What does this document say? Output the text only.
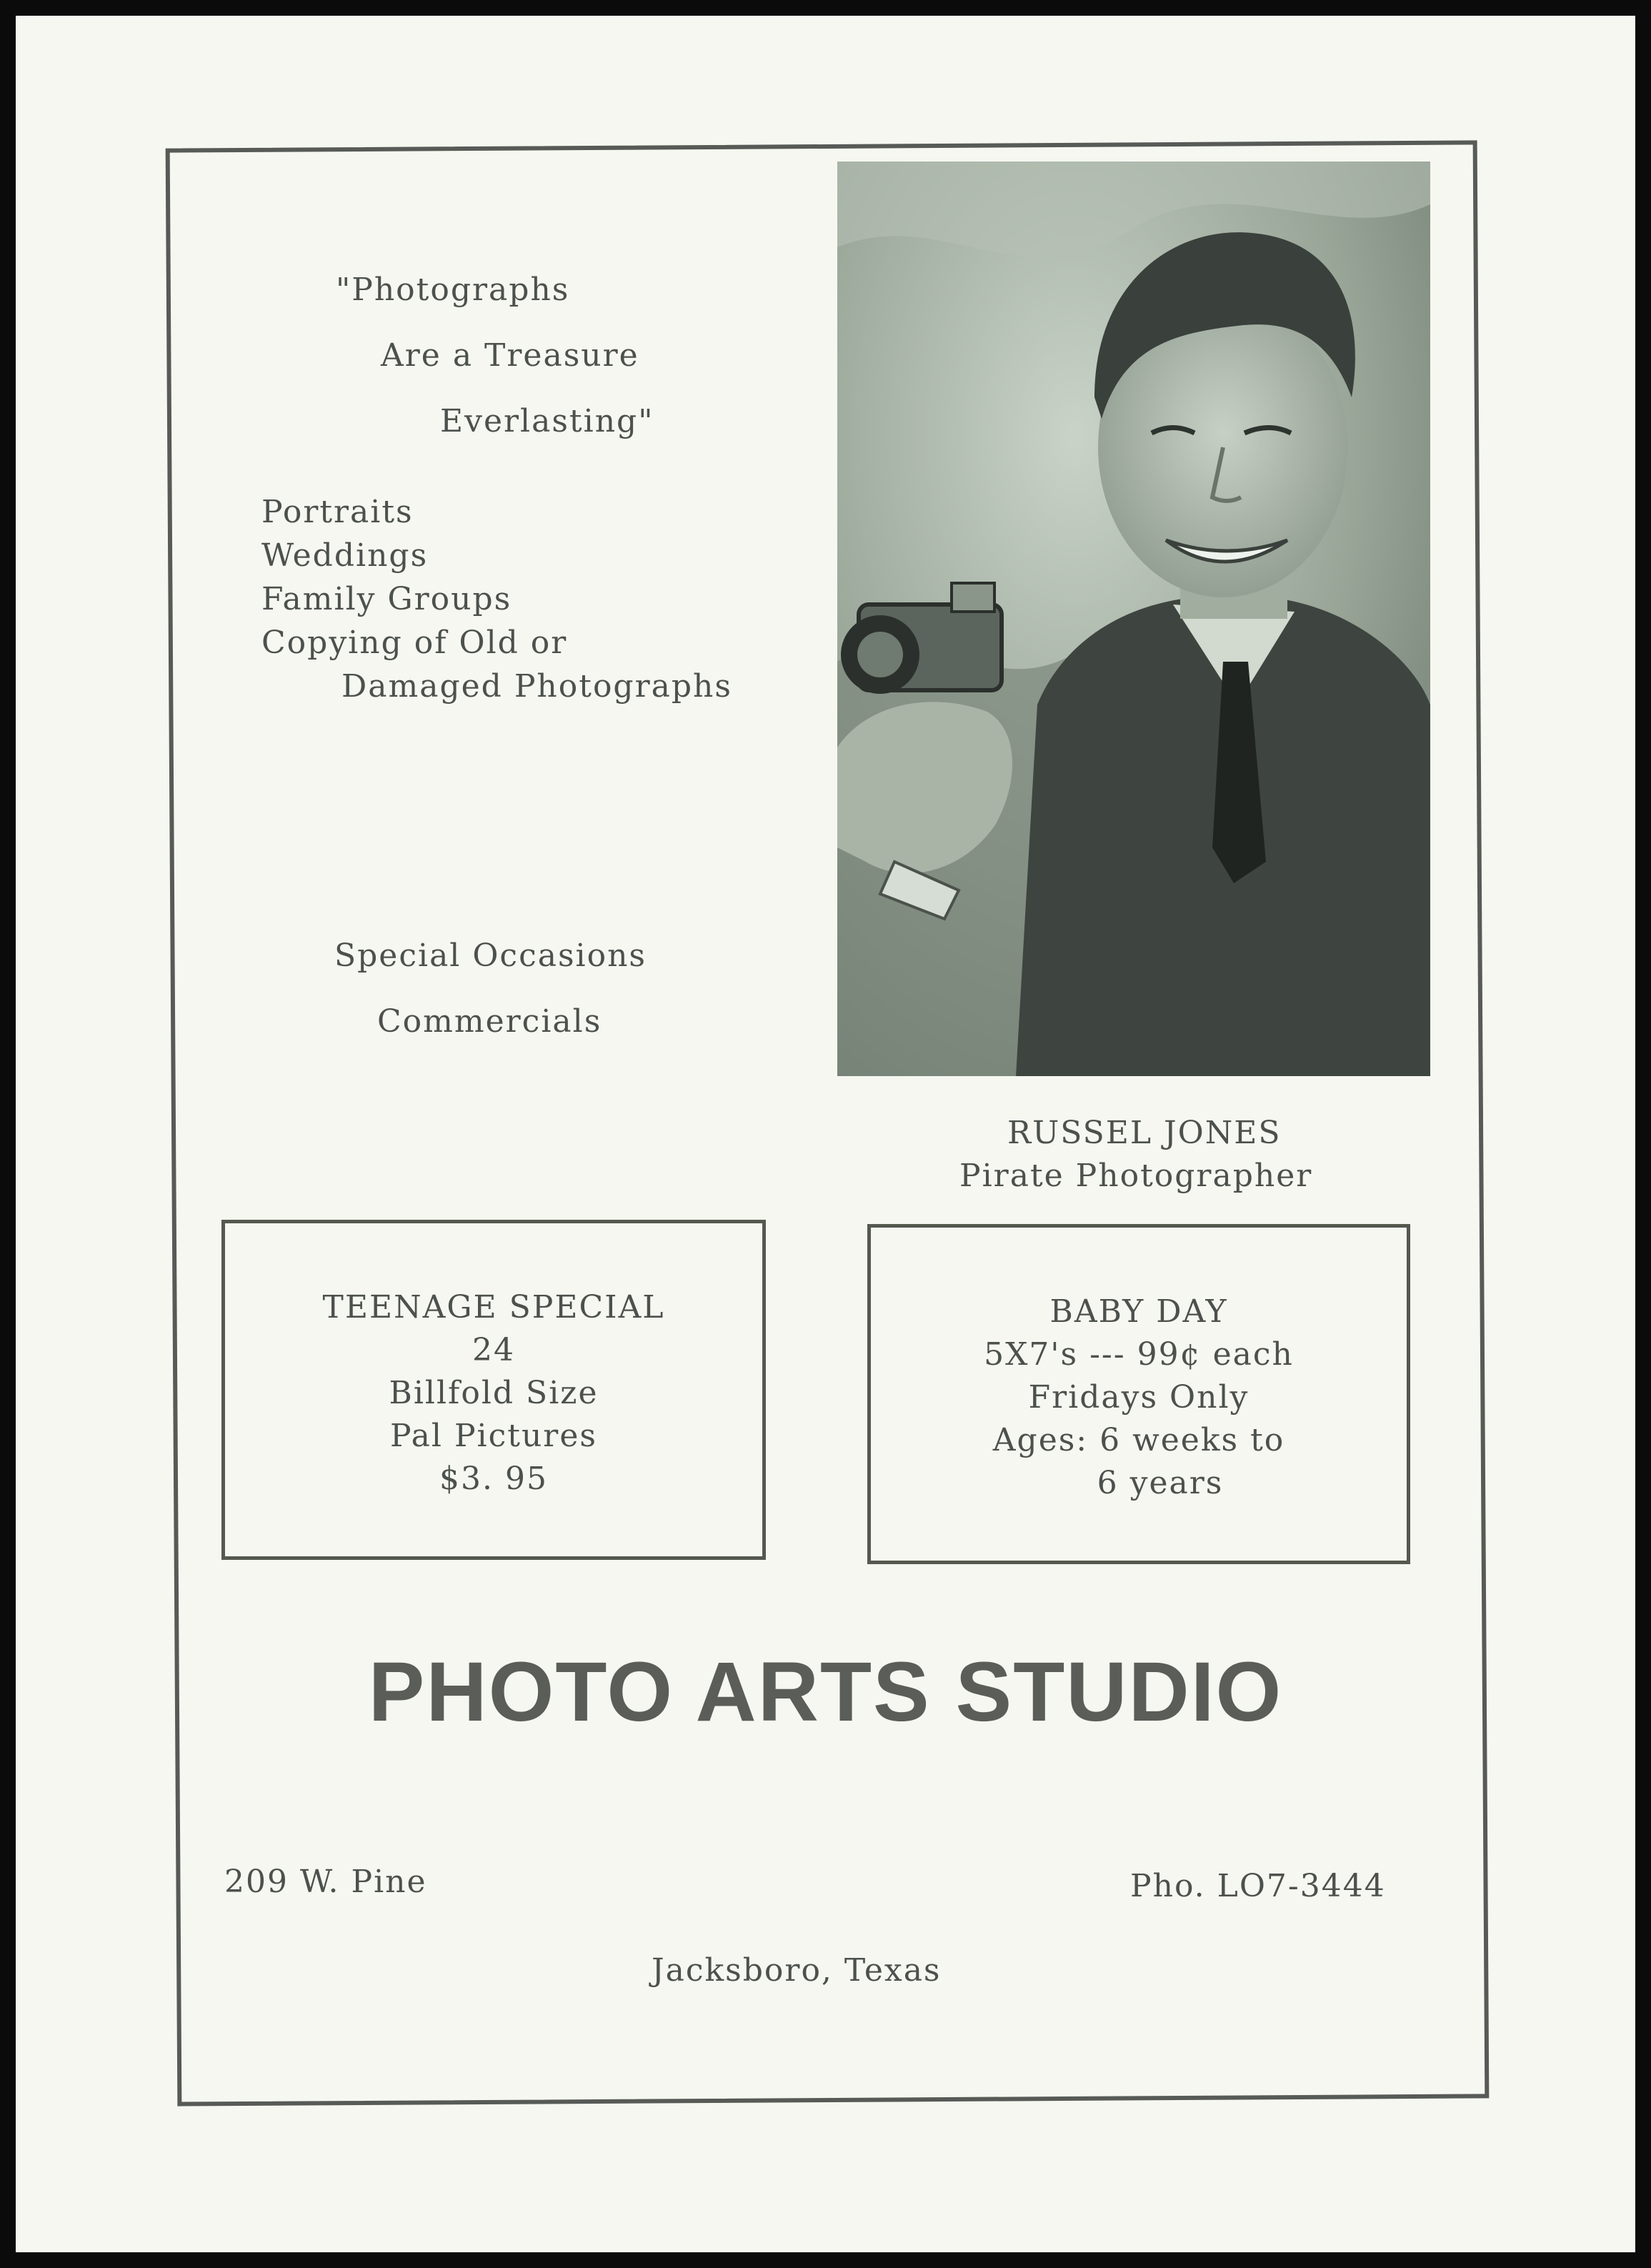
"Photographs
Are a Treasure
Everlasting"
Portraits
Weddings
Family Groups
Copying of Old or
Damaged Photographs
Special Occasions
Commercials
RUSSEL JONES
Pirate Photographer
TEENAGE SPECIAL
24
Billfold Size
Pal Pictures
$3. 95
BABY DAY
5X7's --- 99¢ each
Fridays Only
Ages: 6 weeks to
6 years
PHOTO ARTS STUDIO
209 W. Pine	Pho. LO7-3444
Jacksboro, Texas
